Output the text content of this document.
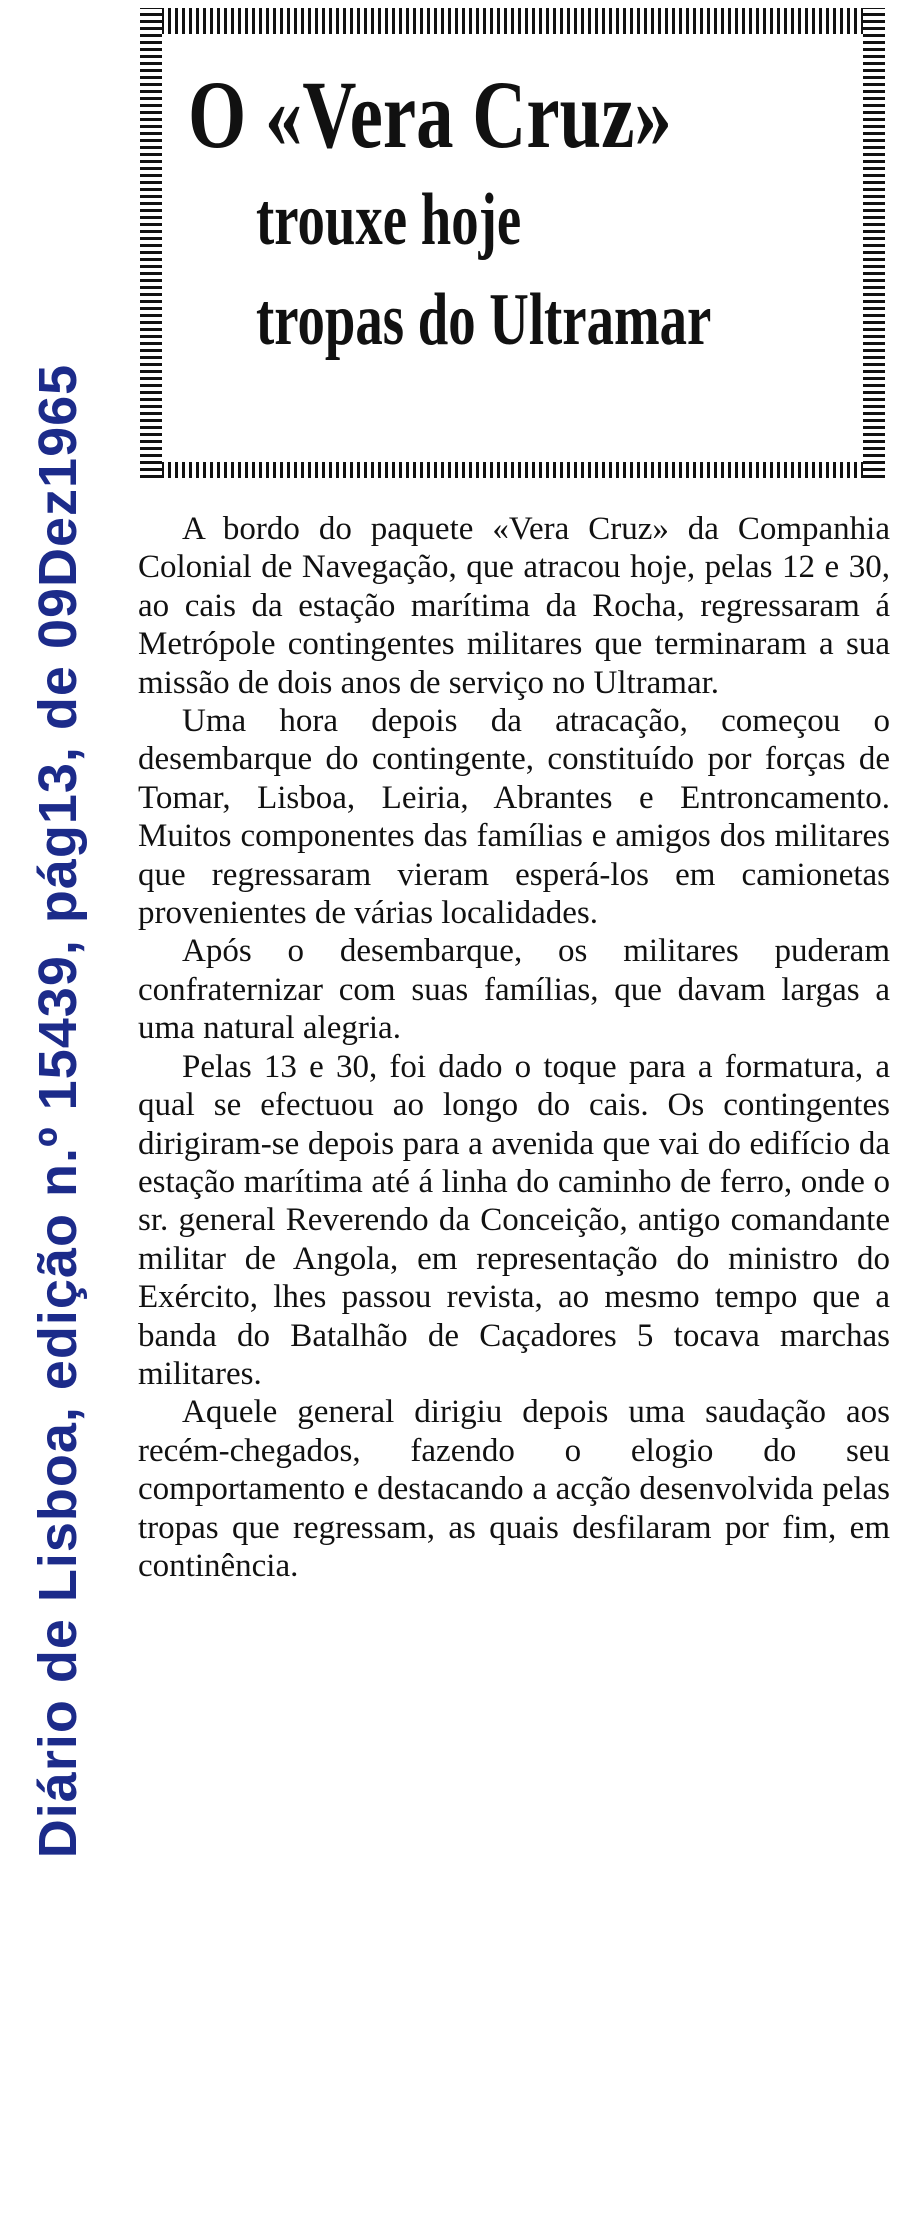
Diário de Lisboa, edição n.º 15439, pág13, de 09Dez1965
O «Vera Cruz»
trouxe hoje
tropas do Ultramar

A bordo do paquete «Vera Cruz» da Companhia Colonial de Navegação, que atracou hoje, pelas 12 e 30, ao cais da estação marítima da Rocha, regressaram á Metrópole contingentes militares que terminaram a sua missão de dois anos de serviço no Ultramar.

Uma hora depois da atracação, começou o desembarque do contingente, constituído por forças de Tomar, Lisboa, Leiria, Abrantes e Entroncamento. Muitos componentes das famílias e amigos dos militares que regressaram vieram esperá-los em camionetas provenientes de várias localidades.

Após o desembarque, os militares puderam confraternizar com suas famílias, que davam largas a uma natural alegria.

Pelas 13 e 30, foi dado o toque para a formatura, a qual se efectuou ao longo do cais. Os contingentes dirigiram-se depois para a avenida que vai do edifício da estação marítima até á linha do caminho de ferro, onde o sr. general Reverendo da Conceição, antigo comandante militar de Angola, em representação do ministro do Exército, lhes passou revista, ao mesmo tempo que a banda do Batalhão de Caçadores 5 tocava marchas militares.

Aquele general dirigiu depois uma saudação aos recém-chegados, fazendo o elogio do seu comportamento e destacando a acção desenvolvida pelas tropas que regressam, as quais desfilaram por fim, em continência.
